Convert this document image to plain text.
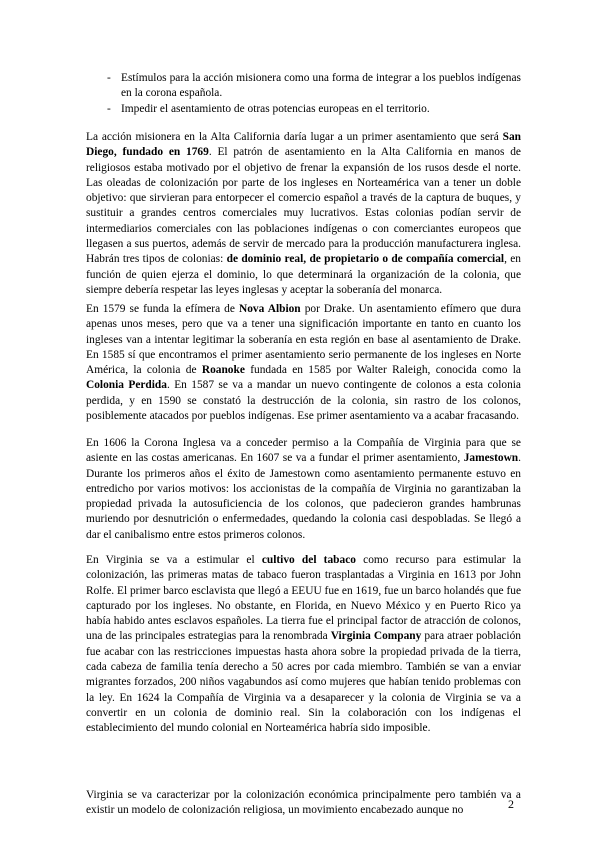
- Estímulos para la acción misionera como una forma de integrar a los pueblos indígenas en la corona española.
- Impedir el asentamiento de otras potencias europeas en el territorio.

La acción misionera en la Alta California daría lugar a un primer asentamiento que será San Diego, fundado en 1769. El patrón de asentamiento en la Alta California en manos de religiosos estaba motivado por el objetivo de frenar la expansión de los rusos desde el norte. Las oleadas de colonización por parte de los ingleses en Norteamérica van a tener un doble objetivo: que sirvieran para entorpecer el comercio español a través de la captura de buques, y sustituir a grandes centros comerciales muy lucrativos. Estas colonias podían servir de intermediarios comerciales con las poblaciones indígenas o con comerciantes europeos que llegasen a sus puertos, además de servir de mercado para la producción manufacturera inglesa. Habrán tres tipos de colonias: de dominio real, de propietario o de compañía comercial, en función de quien ejerza el dominio, lo que determinará la organización de la colonia, que siempre debería respetar las leyes inglesas y aceptar la soberanía del monarca.

En 1579 se funda la efímera de Nova Albion por Drake. Un asentamiento efímero que dura apenas unos meses, pero que va a tener una significación importante en tanto en cuanto los ingleses van a intentar legitimar la soberanía en esta región en base al asentamiento de Drake. En 1585 sí que encontramos el primer asentamiento serio permanente de los ingleses en Norte América, la colonia de Roanoke fundada en 1585 por Walter Raleigh, conocida como la Colonia Perdida. En 1587 se va a mandar un nuevo contingente de colonos a esta colonia perdida, y en 1590 se constató la destrucción de la colonia, sin rastro de los colonos, posiblemente atacados por pueblos indígenas. Ese primer asentamiento va a acabar fracasando.

En 1606 la Corona Inglesa va a conceder permiso a la Compañía de Virginia para que se asiente en las costas americanas. En 1607 se va a fundar el primer asentamiento, Jamestown. Durante los primeros años el éxito de Jamestown como asentamiento permanente estuvo en entredicho por varios motivos: los accionistas de la compañía de Virginia no garantizaban la propiedad privada la autosuficiencia de los colonos, que padecieron grandes hambrunas muriendo por desnutrición o enfermedades, quedando la colonia casi despobladas. Se llegó a dar el canibalismo entre estos primeros colonos.

En Virginia se va a estimular el cultivo del tabaco como recurso para estimular la colonización, las primeras matas de tabaco fueron trasplantadas a Virginia en 1613 por John Rolfe. El primer barco esclavista que llegó a EEUU fue en 1619, fue un barco holandés que fue capturado por los ingleses. No obstante, en Florida, en Nuevo México y en Puerto Rico ya había habido antes esclavos españoles. La tierra fue el principal factor de atracción de colonos, una de las principales estrategias para la renombrada Virginia Company para atraer población fue acabar con las restricciones impuestas hasta ahora sobre la propiedad privada de la tierra, cada cabeza de familia tenía derecho a 50 acres por cada miembro. También se van a enviar migrantes forzados, 200 niños vagabundos así como mujeres que habían tenido problemas con la ley. En 1624 la Compañía de Virginia va a desaparecer y la colonia de Virginia se va a convertir en un colonia de dominio real. Sin la colaboración con los indígenas el establecimiento del mundo colonial en Norteamérica habría sido imposible.

Virginia se va caracterizar por la colonización económica principalmente pero también va a existir un modelo de colonización religiosa, un movimiento encabezado aunque no	2
